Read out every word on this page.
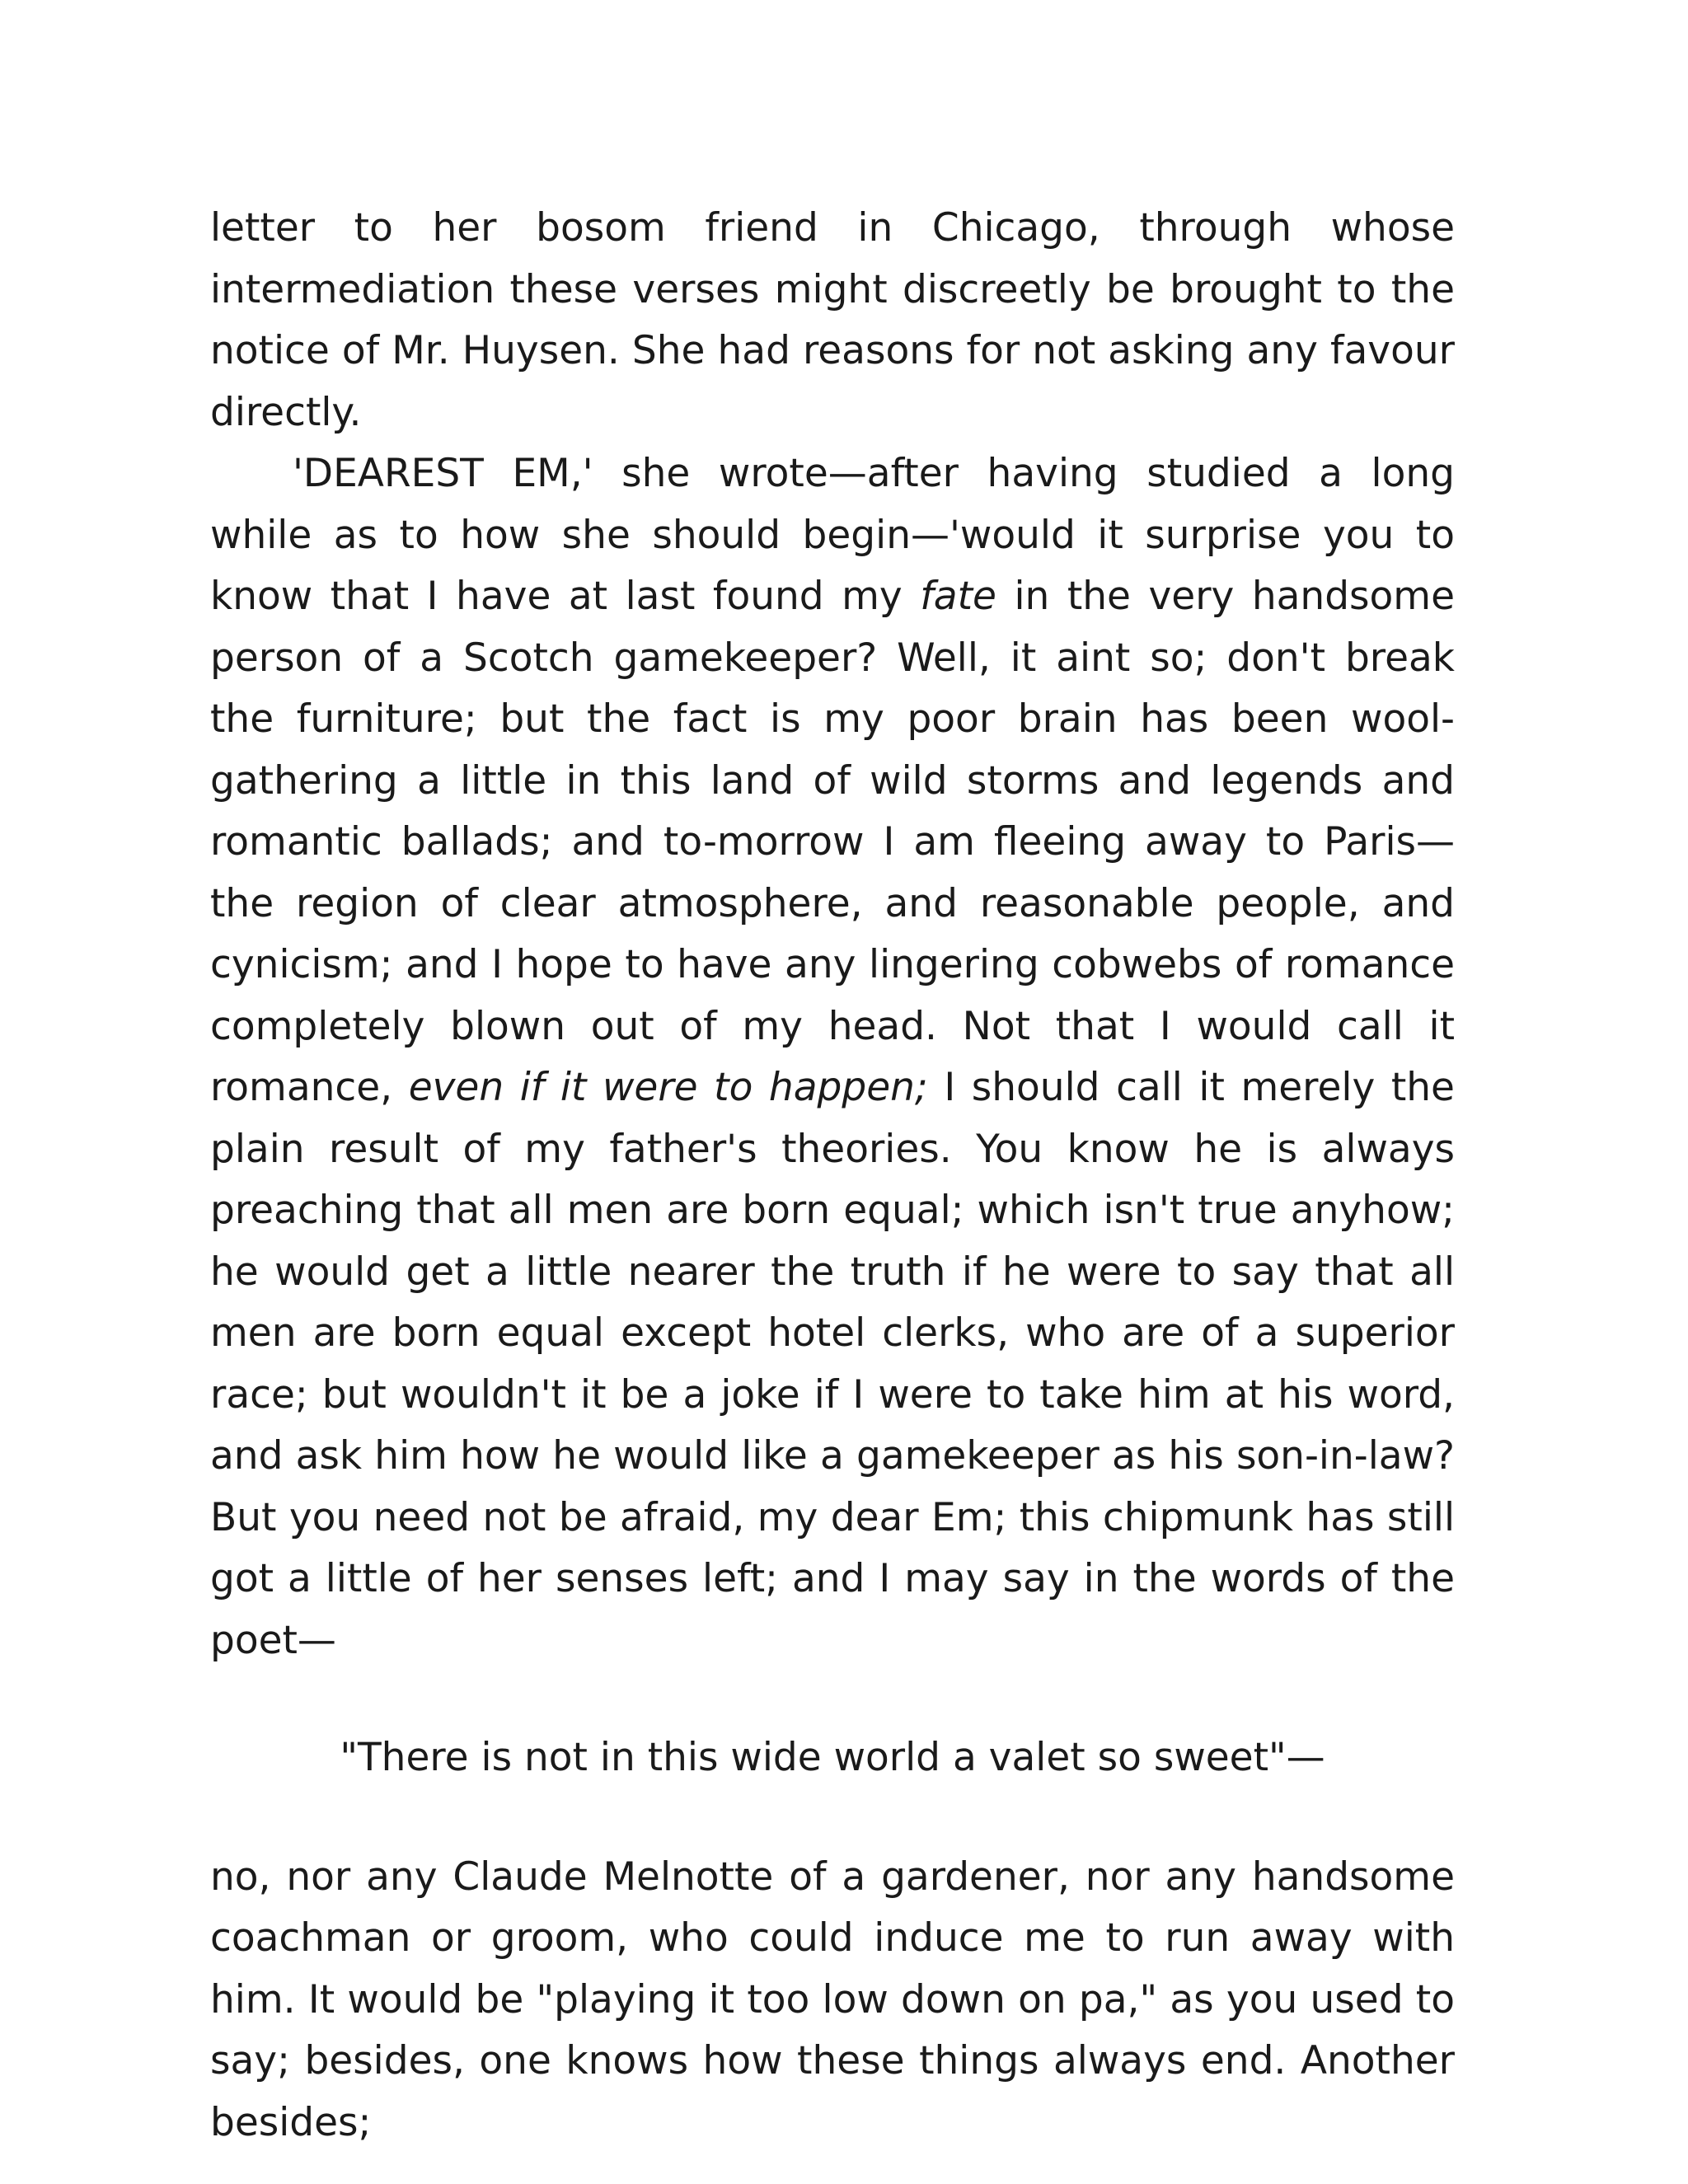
letter to her bosom friend in Chicago, through whose intermediation these verses might discreetly be brought to the notice of Mr. Huysen. She had reasons for not asking any favour directly.

'DEAREST EM,' she wrote—after having studied a long while as to how she should begin—'would it surprise you to know that I have at last found my fate in the very handsome person of a Scotch gamekeeper? Well, it aint so; don't break the furniture; but the fact is my poor brain has been wool-gathering a little in this land of wild storms and legends and romantic ballads; and to-morrow I am fleeing away to Paris—the region of clear atmosphere, and reasonable people, and cynicism; and I hope to have any lingering cobwebs of romance completely blown out of my head. Not that I would call it romance, even if it were to happen; I should call it merely the plain result of my father's theories. You know he is always preaching that all men are born equal; which isn't true anyhow; he would get a little nearer the truth if he were to say that all men are born equal except hotel clerks, who are of a superior race; but wouldn't it be a joke if I were to take him at his word, and ask him how he would like a gamekeeper as his son-in-law? But you need not be afraid, my dear Em; this chipmunk has still got a little of her senses left; and I may say in the words of the poet—

"There is not in this wide world a valet so sweet"—

no, nor any Claude Melnotte of a gardener, nor any handsome coachman or groom, who could induce me to run away with him. It would be "playing it too low down on pa," as you used to say; besides, one knows how these things always end. Another besides;
